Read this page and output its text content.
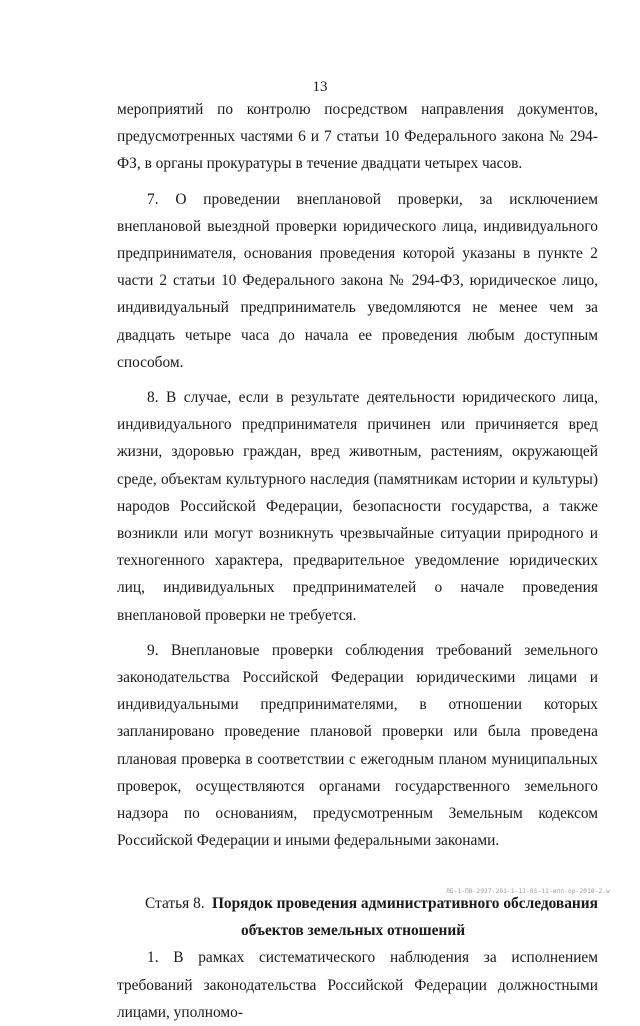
13

мероприятий по контролю посредством направления документов, предусмотренных частями 6 и 7 статьи 10 Федерального закона № 294-ФЗ, в органы прокуратуры в течение двадцати четырех часов.

7. О проведении внеплановой проверки, за исключением внеплановой выездной проверки юридического лица, индивидуального предпринимателя, основания проведения которой указаны в пункте 2 части 2 статьи 10 Федерального закона № 294-ФЗ, юридическое лицо, индивидуальный предприниматель уведомляются не менее чем за двадцать четыре часа до начала ее проведения любым доступным способом.

8. В случае, если в результате деятельности юридического лица, индивидуального предпринимателя причинен или причиняется вред жизни, здоровью граждан, вред животным, растениям, окружающей среде, объектам культурного наследия (памятникам истории и культуры) народов Российской Федерации, безопасности государства, а также возникли или могут возникнуть чрезвычайные ситуации природного и техногенного характера, предварительное уведомление юридических лиц, индивидуальных предпринимателей о начале проведения внеплановой проверки не требуется.

9. Внеплановые проверки соблюдения требований земельного законодательства Российской Федерации юридическими лицами и индивидуальными предпринимателями, в отношении которых запланировано проведение плановой проверки или была проведена плановая проверка в соответствии с ежегодным планом муниципальных проверок, осуществляются органами государственного земельного надзора по основаниям, предусмотренным Земельным кодексом Российской Федерации и иными федеральными законами.

Статья 8. Порядок проведения административного обследования
объектов земельных отношений

1. В рамках систематического наблюдения за исполнением требований законодательства Российской Федерации должностными лицами, уполномо-

ЛБ-1-ПВ-2927-201-1-11-05-11-ипп-ор-2018-2.w
